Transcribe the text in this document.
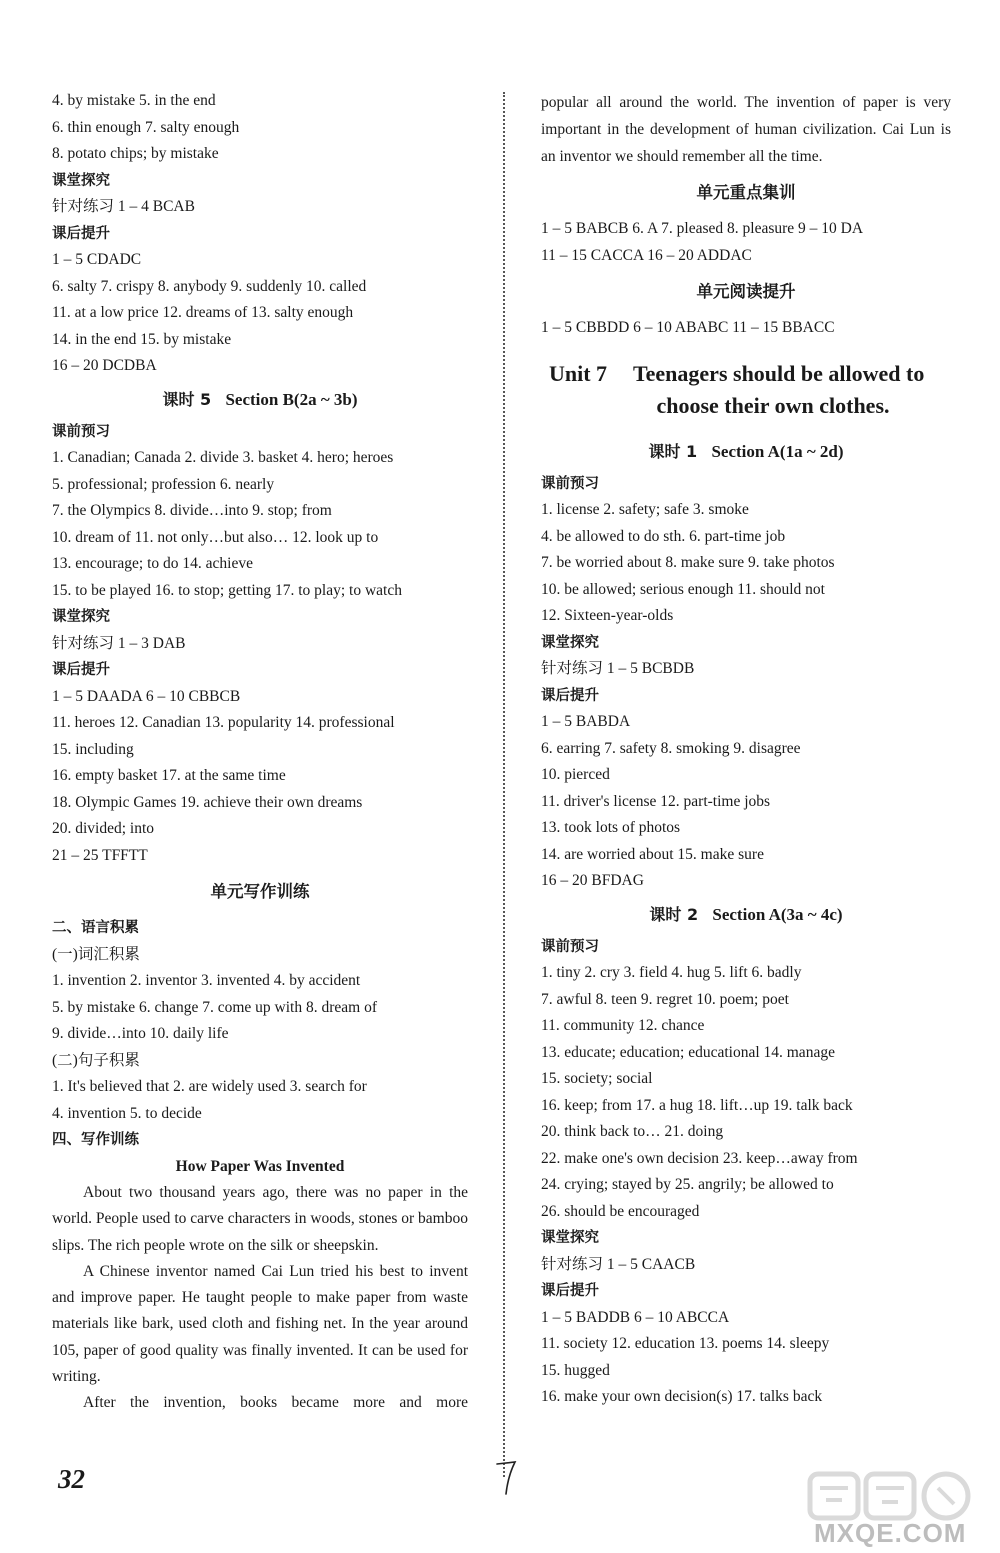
4. by mistake 5. in the end
6. thin enough 7. salty enough
8. potato chips; by mistake
课堂探究
针对练习 1 – 4 BCAB
课后提升
1 – 5 CDADC
6. salty 7. crispy 8. anybody 9. suddenly 10. called
11. at a low price 12. dreams of 13. salty enough
14. in the end 15. by mistake
16 – 20 DCDBA
课时 5 Section B(2a ~ 3b)
课前预习
1. Canadian; Canada 2. divide 3. basket 4. hero; heroes
5. professional; profession 6. nearly
7. the Olympics 8. divide…into 9. stop; from
10. dream of 11. not only…but also… 12. look up to
13. encourage; to do 14. achieve
15. to be played 16. to stop; getting 17. to play; to watch
课堂探究
针对练习 1 – 3 DAB
课后提升
1 – 5 DAADA 6 – 10 CBBCB
11. heroes 12. Canadian 13. popularity 14. professional
15. including
16. empty basket 17. at the same time
18. Olympic Games 19. achieve their own dreams
20. divided; into
21 – 25 TFFTT
单元写作训练
二、语言积累
(一)词汇积累
1. invention 2. inventor 3. invented 4. by accident
5. by mistake 6. change 7. come up with 8. dream of
9. divide…into 10. daily life
(二)句子积累
1. It's believed that 2. are widely used 3. search for
4. invention 5. to decide
四、写作训练
How Paper Was Invented
About two thousand years ago, there was no paper in the world. People used to carve characters in woods, stones or bamboo slips. The rich people wrote on the silk or sheepskin.
A Chinese inventor named Cai Lun tried his best to invent and improve paper. He taught people to make paper from waste materials like bark, used cloth and fishing net. In the year around 105, paper of good quality was finally invented. It can be used for writing.
After the invention, books became more and more
popular all around the world. The invention of paper is very important in the development of human civilization. Cai Lun is an inventor we should remember all the time.
单元重点集训
1 – 5 BABCB 6. A 7. pleased 8. pleasure 9 – 10 DA
11 – 15 CACCA 16 – 20 ADDAC
单元阅读提升
1 – 5 CBBDD 6 – 10 ABABC 11 – 15 BBACC
Unit 7	Teenagers should be allowed to
choose their own clothes.
课时 1 Section A(1a ~ 2d)
课前预习
1. license 2. safety; safe 3. smoke
4. be allowed to do sth. 6. part-time job
7. be worried about 8. make sure 9. take photos
10. be allowed; serious enough 11. should not
12. Sixteen-year-olds
课堂探究
针对练习 1 – 5 BCBDB
课后提升
1 – 5 BABDA
6. earring 7. safety 8. smoking 9. disagree
10. pierced
11. driver's license 12. part-time jobs
13. took lots of photos
14. are worried about 15. make sure
16 – 20 BFDAG
课时 2 Section A(3a ~ 4c)
课前预习
1. tiny 2. cry 3. field 4. hug 5. lift 6. badly
7. awful 8. teen 9. regret 10. poem; poet
11. community 12. chance
13. educate; education; educational 14. manage
15. society; social
16. keep; from 17. a hug 18. lift…up 19. talk back
20. think back to… 21. doing
22. make one's own decision 23. keep…away from
24. crying; stayed by 25. angrily; be allowed to
26. should be encouraged
课堂探究
针对练习 1 – 5 CAACB
课后提升
1 – 5 BADDB 6 – 10 ABCCA
11. society 12. education 13. poems 14. sleepy
15. hugged
16. make your own decision(s) 17. talks back
32
MXQE.COM
